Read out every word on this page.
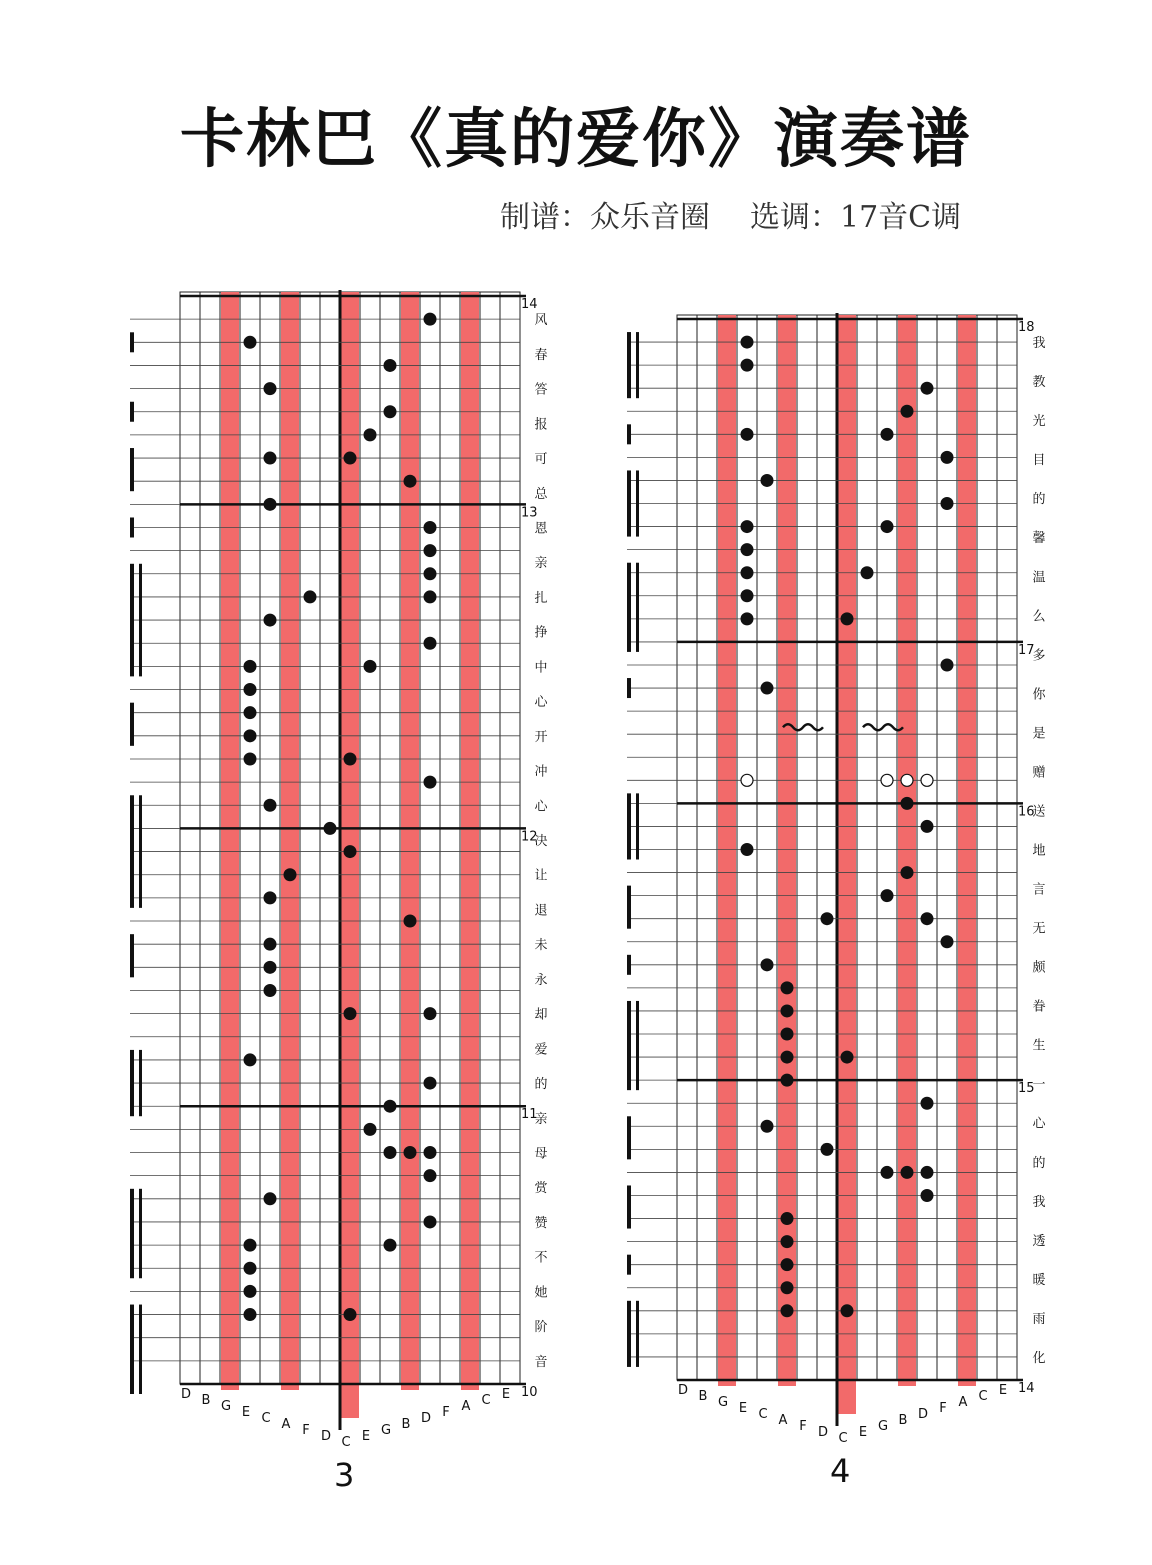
卡林巴《真的爱你》演奏谱
制谱：众乐音圈 选调：17音C调
14
13
12
11
10
D B G E C A F D C E G B D F A C E
风
春
答
报
可
总
恩
亲
扎
挣
中
心
开
冲
心
决
让
退
未
永
却
爱
的
亲
母
赏
赞
不
她
阶
音
18
17
16
15
14
D B G E C A F D C E G B D F A C E
我
教
光
目
的
馨
温
么
多
你
是
赠
送
地
言
无
颇
眷
生
一
心
的
我
透
暖
雨
化
3	4
